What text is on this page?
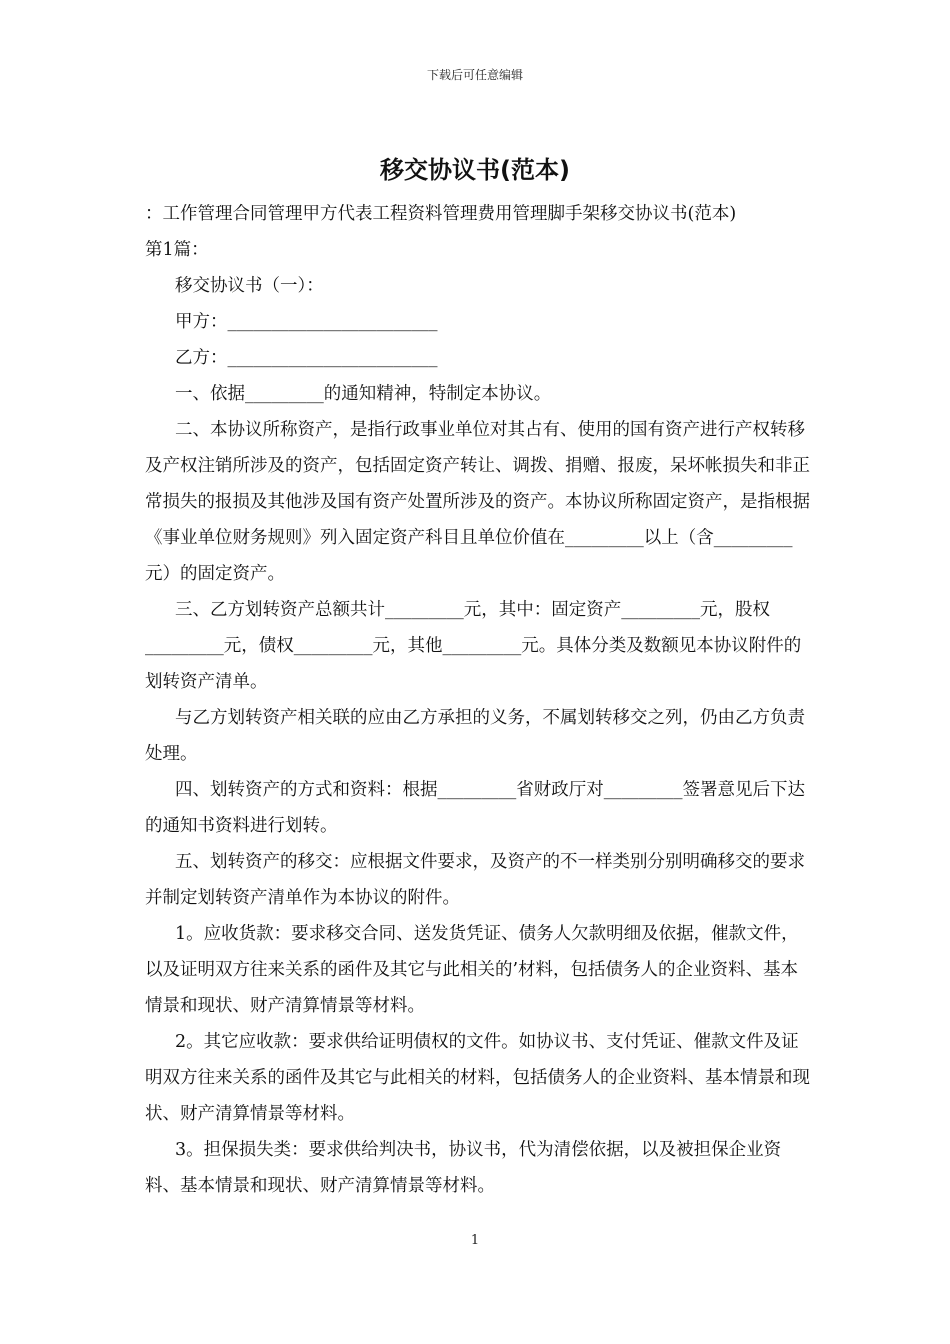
下载后可任意编辑
移交协议书(范本)

：工作管理合同管理甲方代表工程资料管理费用管理脚手架移交协议书(范本)

第1篇：

移交协议书（一）：

甲方：________________________

乙方：________________________

一、依据_________的通知精神，特制定本协议。

二、本协议所称资产，是指行政事业单位对其占有、使用的国有资产进行产权转移及产权注销所涉及的资产，包括固定资产转让、调拨、捐赠、报废，呆坏帐损失和非正常损失的报损及其他涉及国有资产处置所涉及的资产。本协议所称固定资产，是指根据《事业单位财务规则》列入固定资产科目且单位价值在_________以上（含_________元）的固定资产。

三、乙方划转资产总额共计_________元，其中：固定资产_________元，股权_________元，债权_________元，其他_________元。具体分类及数额见本协议附件的划转资产清单。

与乙方划转资产相关联的应由乙方承担的义务，不属划转移交之列，仍由乙方负责处理。

四、划转资产的方式和资料：根据_________省财政厅对_________签署意见后下达的通知书资料进行划转。

五、划转资产的移交：应根据文件要求，及资产的不一样类别分别明确移交的要求并制定划转资产清单作为本协议的附件。

1。应收货款：要求移交合同、送发货凭证、债务人欠款明细及依据，催款文件，以及证明双方往来关系的函件及其它与此相关的’材料，包括债务人的企业资料、基本情景和现状、财产清算情景等材料。

2。其它应收款：要求供给证明债权的文件。如协议书、支付凭证、催款文件及证明双方往来关系的函件及其它与此相关的材料，包括债务人的企业资料、基本情景和现状、财产清算情景等材料。

3。担保损失类：要求供给判决书，协议书，代为清偿依据，以及被担保企业资料、基本情景和现状、财产清算情景等材料。

1
